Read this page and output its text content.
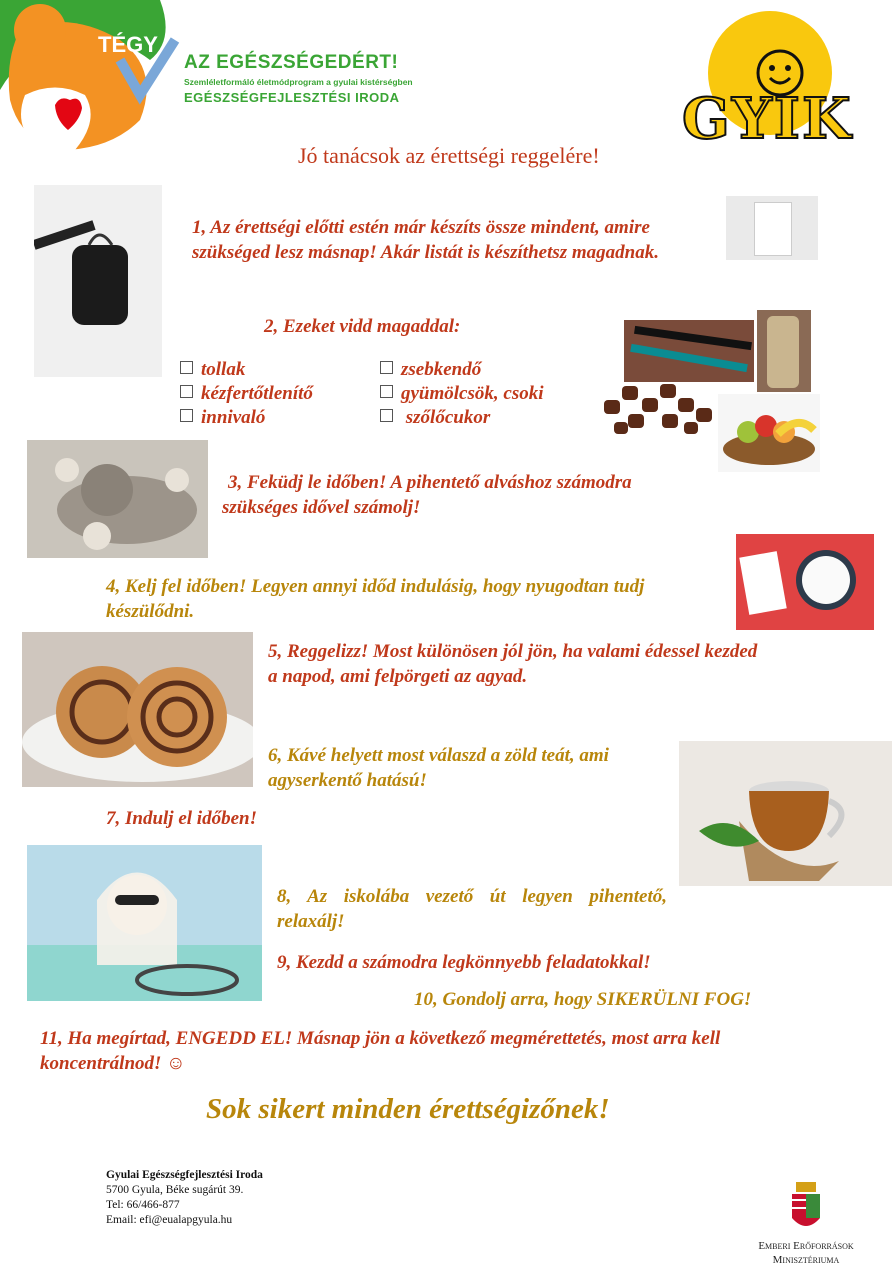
TÉGY
AZ EGÉSZSÉGEDÉRT!
Szemléletformáló életmódprogram a gyulai kistérségben
EGÉSZSÉGFEJLESZTÉSI IRODA	GYIK
Jó tanácsok az érettségi reggelére!
1, Az érettségi előtti estén már készíts össze mindent, amire szükséged lesz másnap! Akár listát is készíthetsz magadnak.
2, Ezeket vidd magaddal:
tollak
kézfertőtlenítő
innivaló
zsebkendő
gyümölcsök, csoki
szőlőcukor
3, Feküdj le időben! A pihentető alváshoz számodra szükséges idővel számolj!
4, Kelj fel időben! Legyen annyi időd indulásig, hogy nyugodtan tudj készülődni.
5, Reggelizz! Most különösen jól jön, ha valami édessel kezded a napod, ami felpörgeti az agyad.
6, Kávé helyett most válaszd a zöld teát, ami agyserkentő hatású!
7, Indulj el időben!
8, Az iskolába vezető út legyen pihentető, relaxálj!
9, Kezdd a számodra legkönnyebb feladatokkal!
10, Gondolj arra, hogy SIKERÜLNI FOG!
11, Ha megírtad, ENGEDD EL! Másnap jön a következő megmérettetés, most arra kell koncentrálnod! ☺
Sok sikert minden érettségizőnek!
Gyulai Egészségfejlesztési Iroda
5700 Gyula, Béke sugárút 39.
Tel: 66/466-877
Email: efi@eualapgyula.hu
Emberi Erőforrások
Minisztériuma
